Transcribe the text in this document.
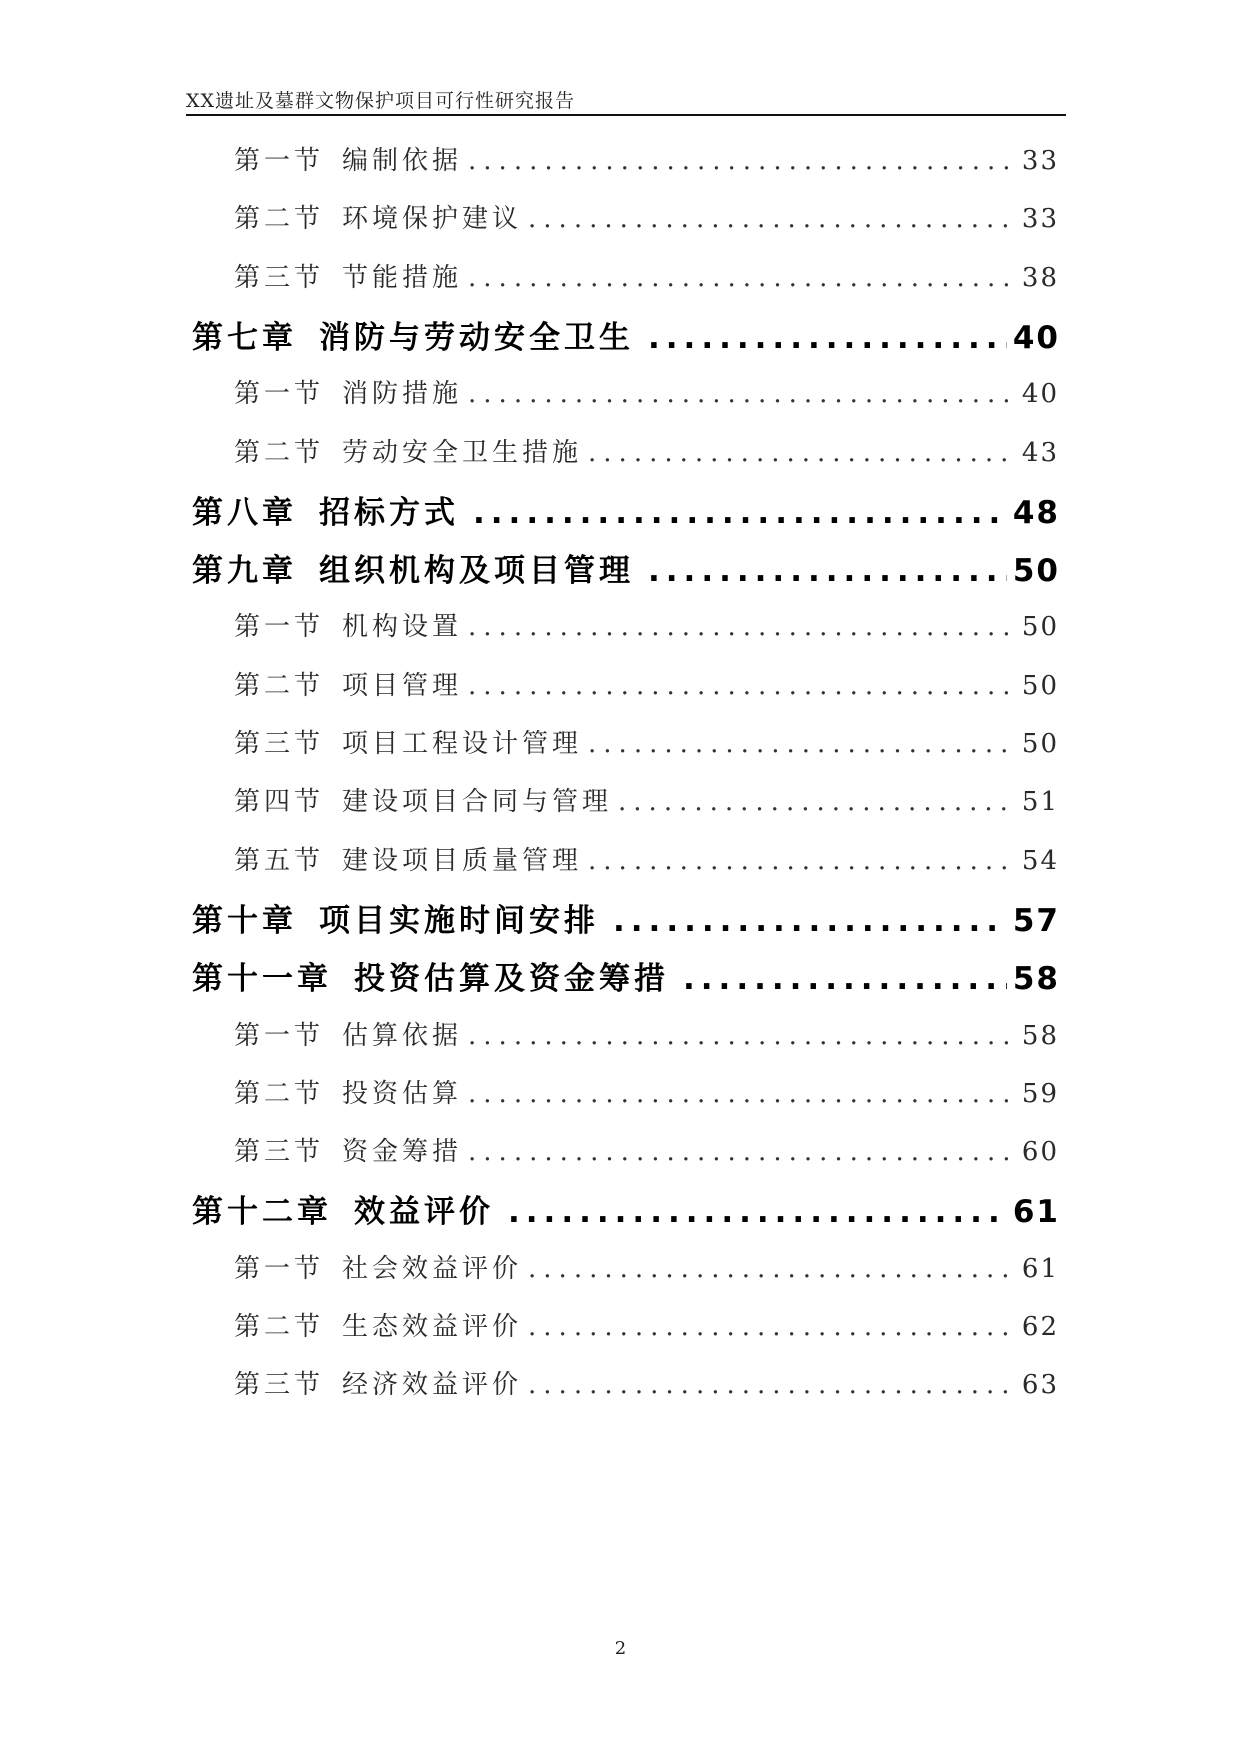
XX遗址及墓群文物保护项目可行性研究报告
第一节 编制依据 .....	33
第二节 环境保护建议 .....	33
第三节 节能措施 .....	38
第七章 消防与劳动安全卫生 .....	40
第一节 消防措施 .....	40
第二节 劳动安全卫生措施 .....	43
第八章 招标方式 .....	48
第九章 组织机构及项目管理 .....	50
第一节 机构设置 .....	50
第二节 项目管理 .....	50
第三节 项目工程设计管理 .....	50
第四节 建设项目合同与管理 .....	51
第五节 建设项目质量管理 .....	54
第十章 项目实施时间安排 .....	57
第十一章 投资估算及资金筹措 .....	58
第一节 估算依据 .....	58
第二节 投资估算 .....	59
第三节 资金筹措 .....	60
第十二章 效益评价 .....	61
第一节 社会效益评价 .....	61
第二节 生态效益评价 .....	62
第三节 经济效益评价 .....	63
2
